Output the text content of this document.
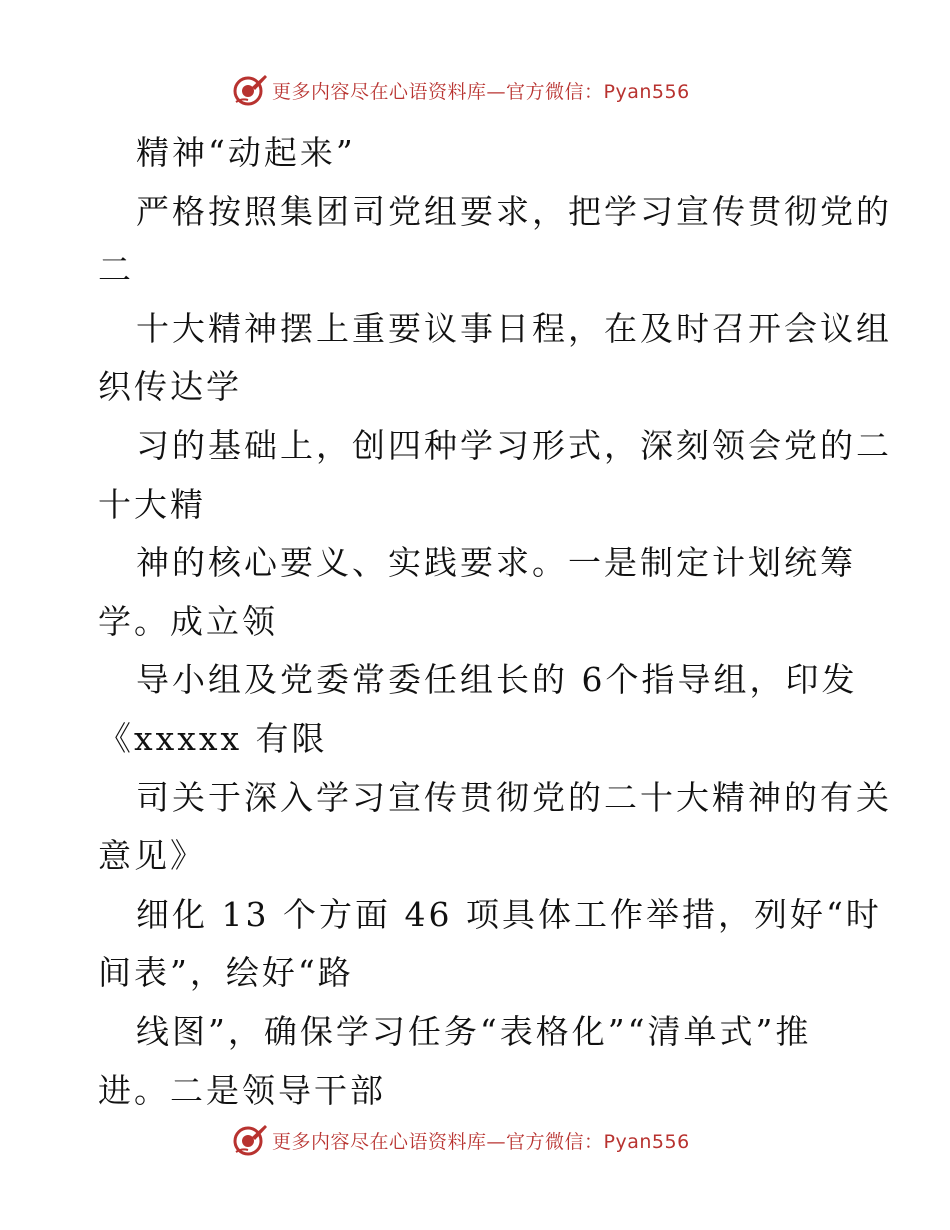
更多内容尽在心语资料库—官方微信：Pyan556
精神“动起来”
严格按照集团司党组要求，把学习宣传贯彻党的
二
十大精神摆上重要议事日程，在及时召开会议组
织传达学
习的基础上，创四种学习形式，深刻领会党的二
十大精
神的核心要义、实践要求。一是制定计划统筹
学。成立领
导小组及党委常委任组长的 6个指导组，印发
《xxxxx 有限
司关于深入学习宣传贯彻党的二十大精神的有关
意见》
细化 13 个方面 46 项具体工作举措，列好“时
间表”，绘好“路
线图”，确保学习任务“表格化”“清单式”推
进。二是领导干部
更多内容尽在心语资料库—官方微信：Pyan556
